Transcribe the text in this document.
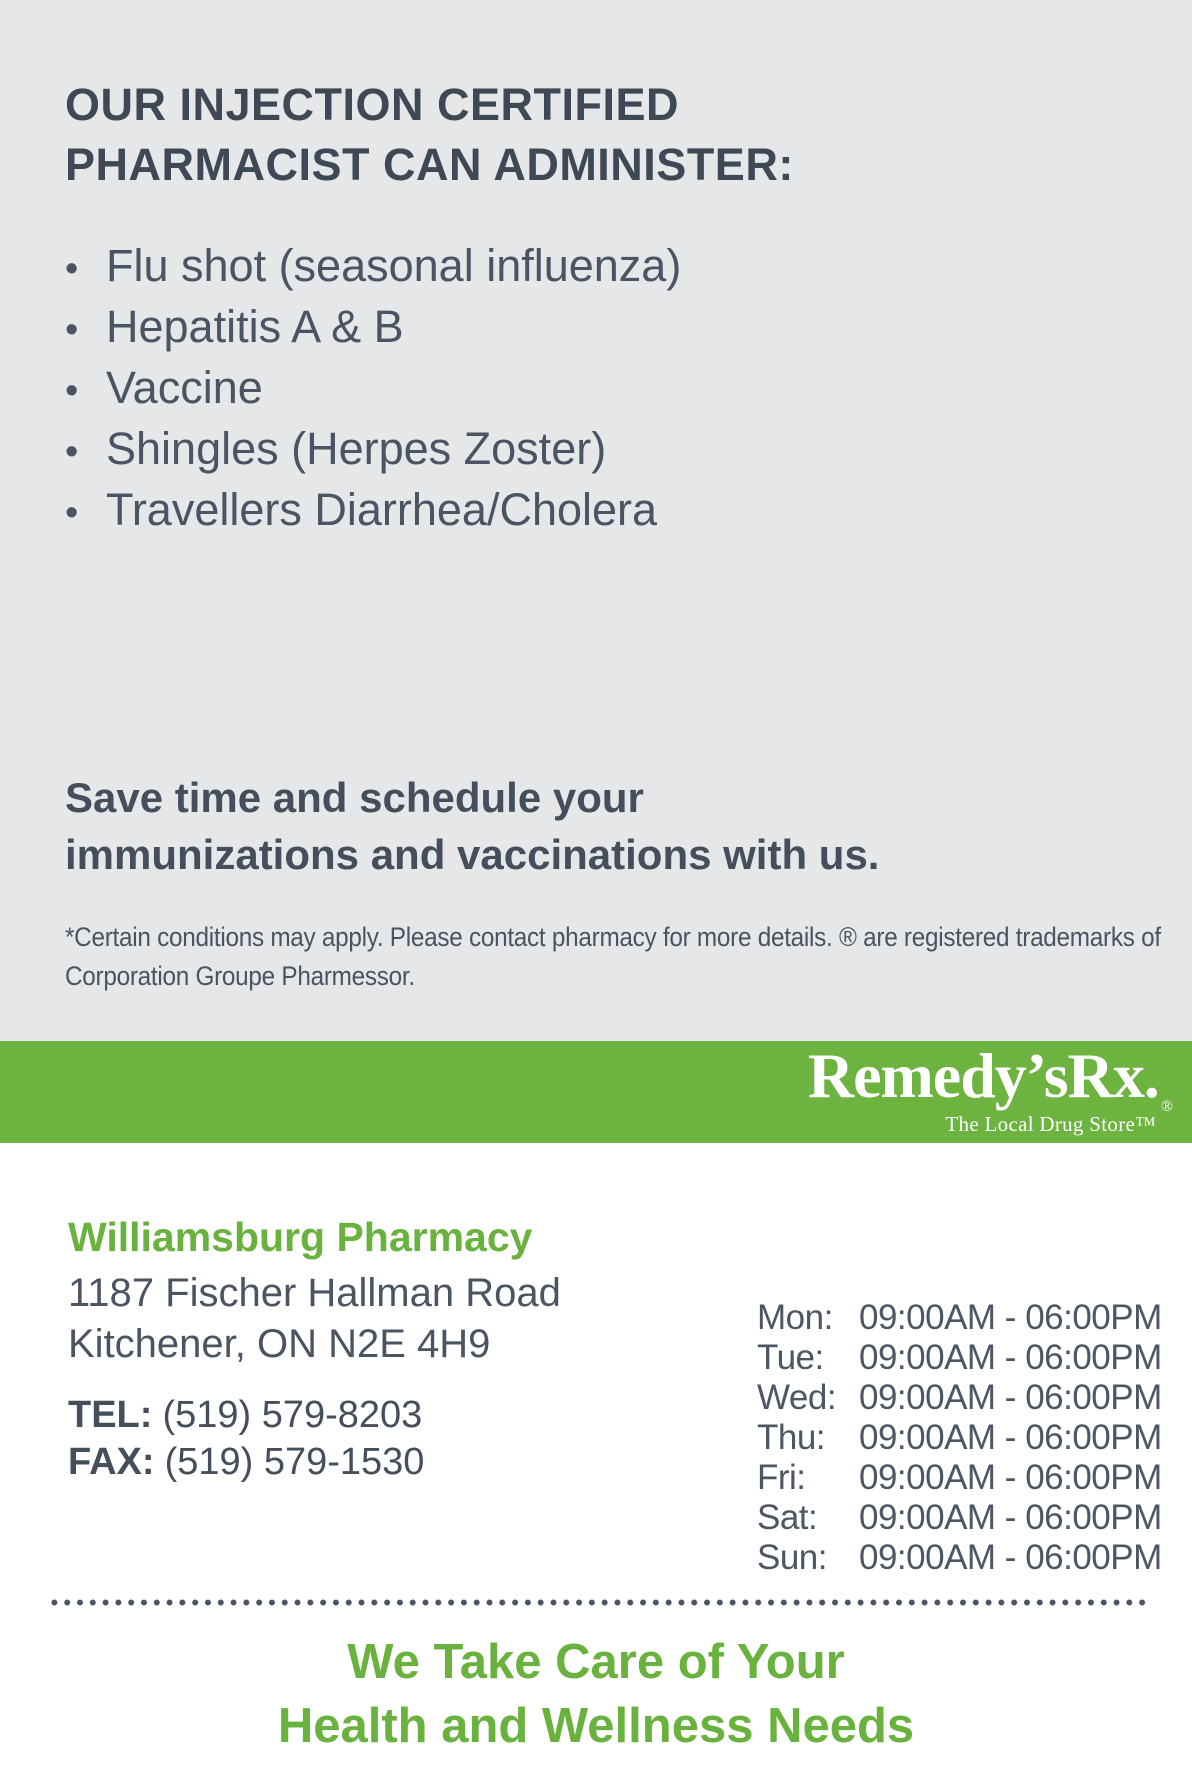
OUR INJECTION CERTIFIED
PHARMACIST CAN ADMINISTER:
• Flu shot (seasonal influenza)
• Hepatitis A & B
• Vaccine
• Shingles (Herpes Zoster)
• Travellers Diarrhea/Cholera
Save time and schedule your
immunizations and vaccinations with us.
*Certain conditions may apply. Please contact pharmacy for more details. ® are registered trademarks of
Corporation Groupe Pharmessor.
Remedy’sRx. $_®$
The Local Drug Store™
Williamsburg Pharmacy
1187 Fischer Hallman Road
Kitchener, ON N2E 4H9
TEL: (519) 579-8203
FAX: (519) 579-1530
Mon: 09:00AM - 06:00PM
Tue:	09:00AM - 06:00PM
Wed: 09:00AM - 06:00PM
Thu: 09:00AM - 06:00PM
Fri:	09:00AM - 06:00PM
Sat:	09:00AM - 06:00PM
Sun: 09:00AM - 06:00PM
We Take Care of Your
Health and Wellness Needs
